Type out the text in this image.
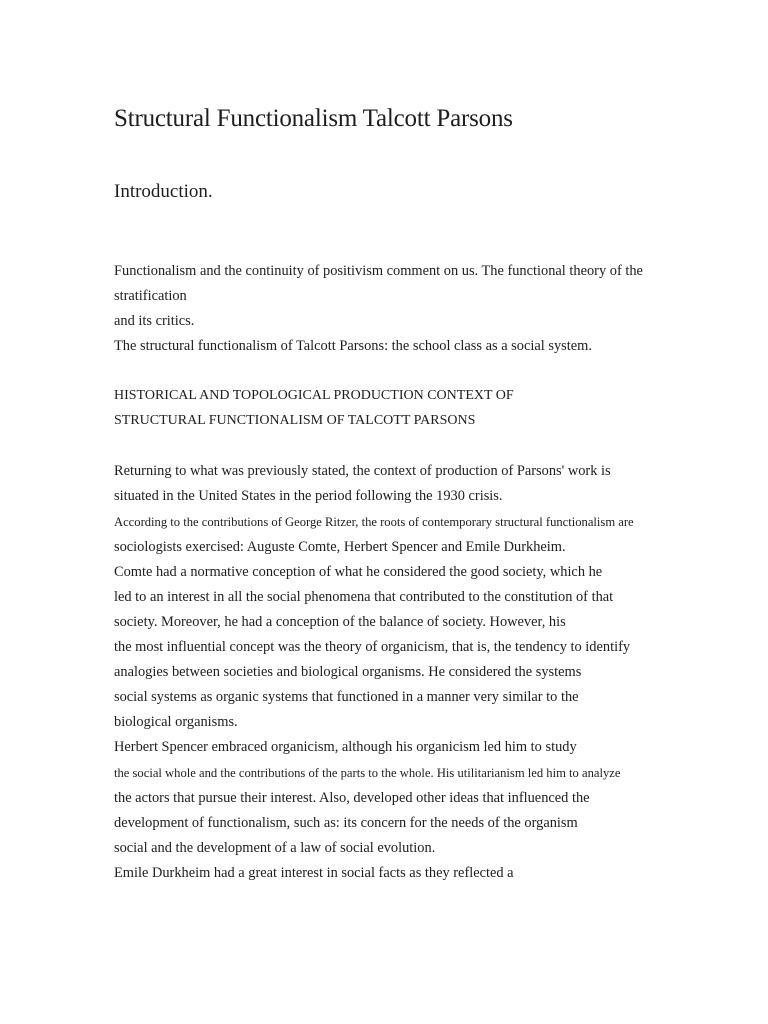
Structural Functionalism Talcott Parsons
Introduction.

Functionalism and the continuity of positivism comment on us. The functional theory of the

stratification

and its critics.

The structural functionalism of Talcott Parsons: the school class as a social system.

HISTORICAL AND TOPOLOGICAL PRODUCTION CONTEXT OF

STRUCTURAL FUNCTIONALISM OF TALCOTT PARSONS

Returning to what was previously stated, the context of production of Parsons' work is

situated in the United States in the period following the 1930 crisis.

According to the contributions of George Ritzer, the roots of contemporary structural functionalism are

sociologists exercised: Auguste Comte, Herbert Spencer and Emile Durkheim.

Comte had a normative conception of what he considered the good society, which he

led to an interest in all the social phenomena that contributed to the constitution of that

society. Moreover, he had a conception of the balance of society. However, his

the most influential concept was the theory of organicism, that is, the tendency to identify

analogies between societies and biological organisms. He considered the systems

social systems as organic systems that functioned in a manner very similar to the

biological organisms.

Herbert Spencer embraced organicism, although his organicism led him to study

the social whole and the contributions of the parts to the whole. His utilitarianism led him to analyze

the actors that pursue their interest. Also, developed other ideas that influenced the

development of functionalism, such as: its concern for the needs of the organism

social and the development of a law of social evolution.

Emile Durkheim had a great interest in social facts as they reflected a
